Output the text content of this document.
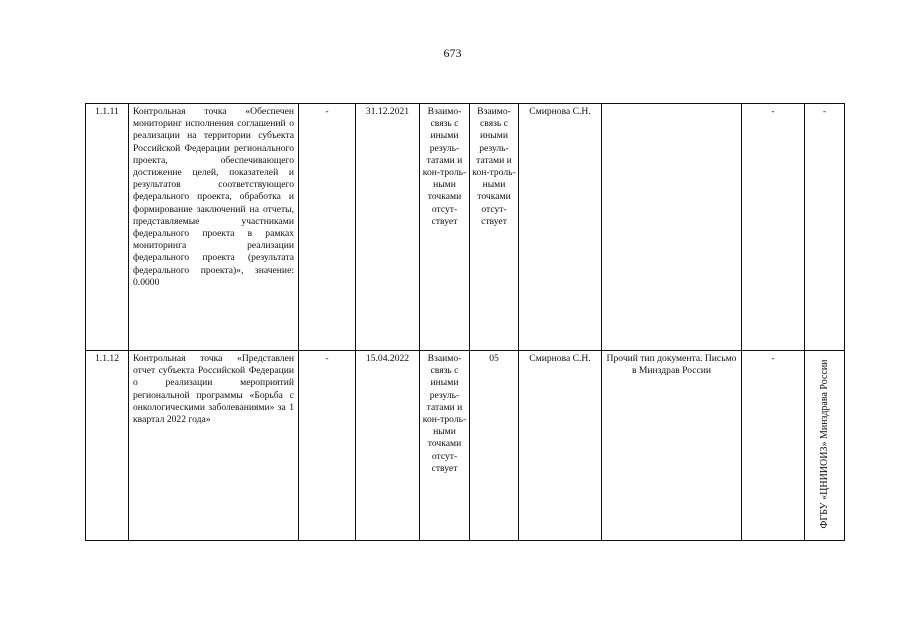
673
1.1.11	Контрольная точка «Обеспечен мониторинг исполнения соглашений о реализации на территории субъекта Российской Федерации регионального проекта, обеспечивающего достижение целей, показателей и результатов соответствующего федерального проекта, обработка и формирование заключений на отчеты, представляемые участниками федерального проекта в рамках мониторинга реализации федерального проекта (результата федерального проекта)», значение: 0.0000	-	31.12.2021	Взаимо-связь с иными резуль-татами и кон-троль-ными точками отсут-ствует	Взаимо-связь с иными резуль-татами и кон-троль-ными точками отсут-ствует	Смирнова С.Н.		-	-
1.1.12	Контрольная точка «Представлен отчет субъекта Российской Федерации о реализации мероприятий региональной программы «Борьба с онкологическими заболеваниями» за 1 квартал 2022 года»	-	15.04.2022	Взаимо-связь с иными резуль-татами и кон-троль-ными точками отсут-ствует	05	Смирнова С.Н.	Прочий тип документа. Письмо в Минздрав России	-	ФГБУ «ЦНИИОИЗ» Минздрава России
